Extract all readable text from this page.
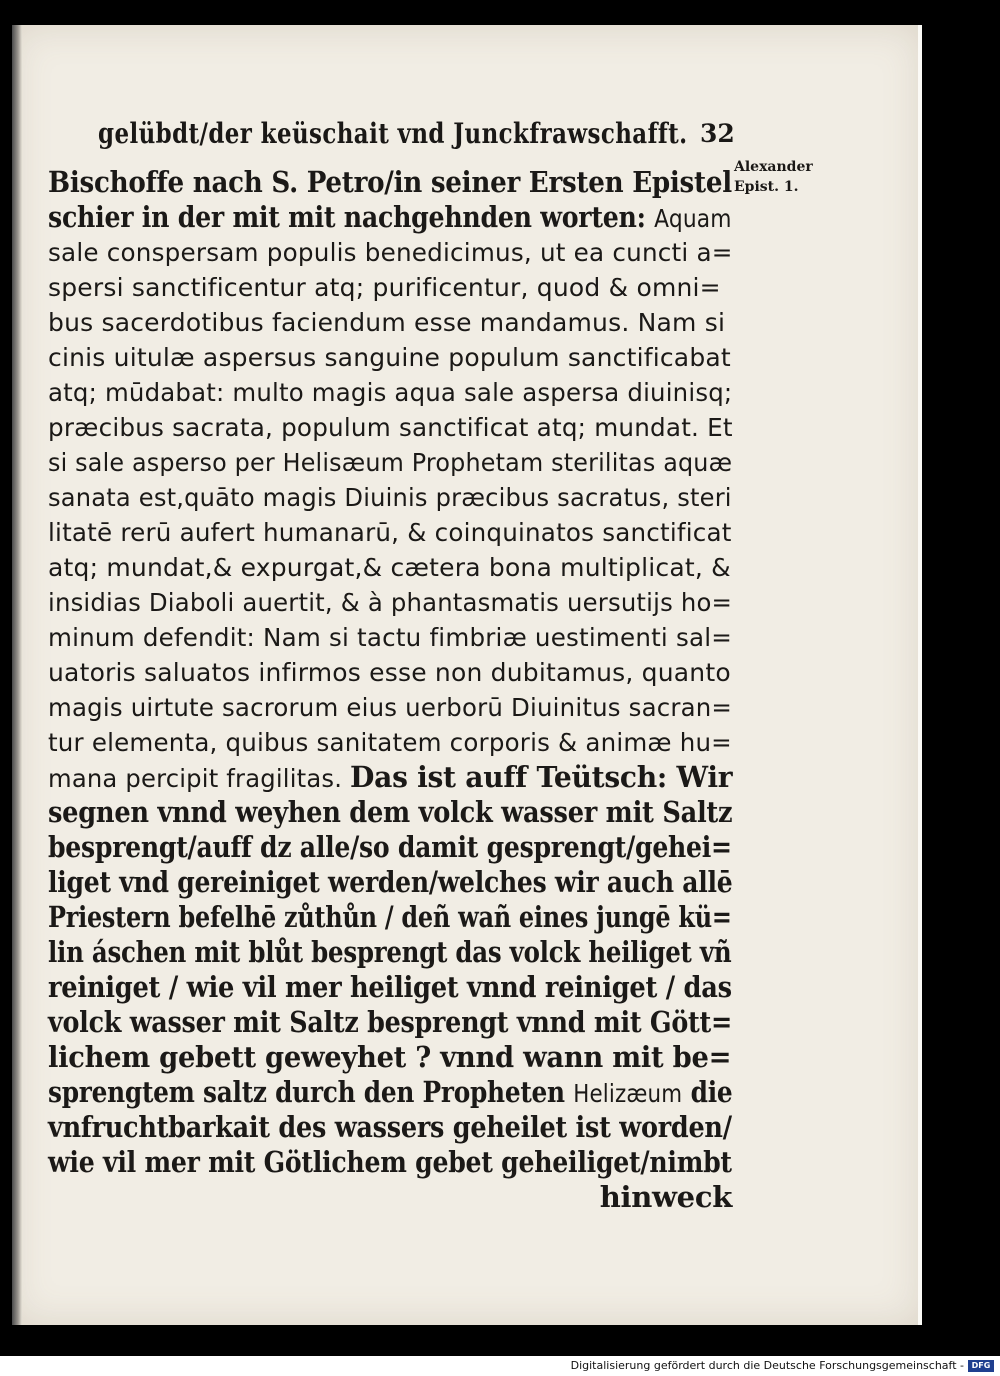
gelübdt/der keüschait vnd Junckfrawschafft. 32
Alexander
Epist. 1.
Bischoffe nach S. Petro/in seiner Ersten Epistel
schier in der mit mit nachgehnden worten: Aquam
sale conspersam populis benedicimus, ut ea cuncti a=
spersi sanctificentur atq; purificentur, quod & omni=
bus sacerdotibus faciendum esse mandamus. Nam si
cinis uitulæ aspersus sanguine populum sanctificabat
atq; mūdabat: multo magis aqua sale aspersa diuinisq;
præcibus sacrata, populum sanctificat atq; mundat. Et
si sale asperso per Helisæum Prophetam sterilitas aquæ
sanata est,quāto magis Diuinis præcibus sacratus, steri
litatē rerū aufert humanarū, & coinquinatos sanctificat
atq; mundat,& expurgat,& cætera bona multiplicat, &
insidias Diaboli auertit, & à phantasmatis uersutijs ho=
minum defendit: Nam si tactu fimbriæ uestimenti sal=
uatoris saluatos infirmos esse non dubitamus, quanto
magis uirtute sacrorum eius uerborū Diuinitus sacran=
tur elementa, quibus sanitatem corporis & animæ hu=
mana percipit fragilitas. Das ist auff Teütsch: Wir
segnen vnnd weyhen dem volck wasser mit Saltz
besprengt/auff dz alle/so damit gesprengt/gehei=
liget vnd gereiniget werden/welches wir auch allē
Priestern befelhē zůthůn / deñ wañ eines jungē kü=
lin áschen mit blůt besprengt das volck heiliget vñ
reiniget / wie vil mer heiliget vnnd reiniget / das
volck wasser mit Saltz besprengt vnnd mit Gött=
lichem gebett geweyhet ? vnnd wann mit be=
sprengtem saltz durch den Propheten Helizæum die
vnfruchtbarkait des wassers geheilet ist worden/
wie vil mer mit Götlichem gebet geheiliget/nimbt
hinweck
Digitalisierung gefördert durch die Deutsche Forschungsgemeinschaft - DFG
